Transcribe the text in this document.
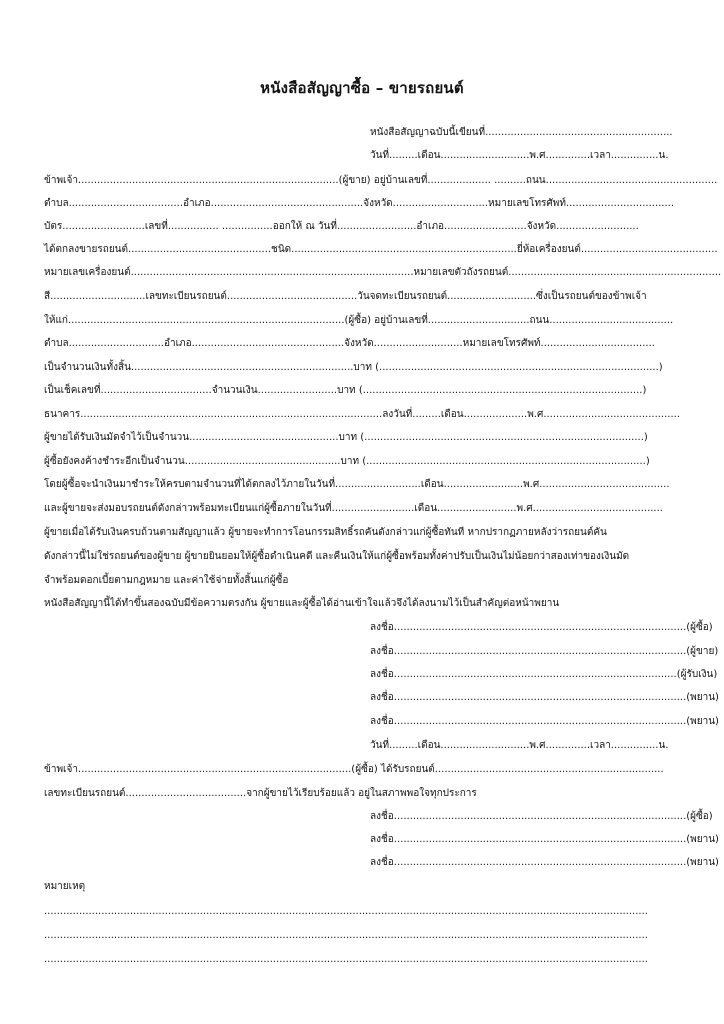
หนังสือสัญญาซื้อ – ขายรถยนต์
หนังสือสัญญาฉบับนี้เขียนที่...........................................................
วันที่.........เดือน............................พ.ศ..............เวลา...............น.
ข้าพเจ้า..................................................................................(ผู้ขาย) อยู่บ้านเลขที่.................... ..........ถนน......................................................
ตำบล....................................อำเภอ................................................จังหวัด..............................หมายเลขโทรศัพท์..................................
บัตร..........................เลขที่................ ................ออกให้ ณ วันที่.........................อำเภอ..........................จังหวัด..........................
ได้ตกลงขายรถยนต์.............................................ชนิด.......................................................................ยี่ห้อเครื่องยนต์...........................................
หมายเลขเครื่องยนต์.........................................................................................หมายเลขตัวถังรถยนต์...................................................................
สี..............................เลขทะเบียนรถยนต์.........................................วันจดทะเบียนรถยนต์............................ซึ่งเป็นรถยนต์ของข้าพเจ้า
ให้แก่.......................................................................................(ผู้ซื้อ) อยู่บ้านเลขที่................................ถนน.......................................
ตำบล..............................อำเภอ................................................จังหวัด............................หมายเลขโทรศัพท์....................................
เป็นจำนวนเงินทั้งสิ้น......................................................................บาท (........................................................................................)
เป็นเช็คเลขที่...................................จำนวนเงิน.........................บาท (........................................................................................)
ธนาคาร...............................................................................................ลงวันที่.........เดือน....................พ.ศ...........................................
ผู้ขายได้รับเงินมัดจำไว้เป็นจำนวน...............................................บาท (........................................................................................)
ผู้ซื้อยังคงค้างชำระอีกเป็นจำนวน.................................................บาท (........................................................................................)
โดยผู้ซื้อจะนำเงินมาชำระให้ครบตามจำนวนที่ได้ตกลงไว้ภายในวันที่...........................เดือน.........................พ.ศ.........................................
และผู้ขายจะส่งมอบรถยนต์ดังกล่าวพร้อมทะเบียนแก่ผู้ซื้อภายในวันที่..........................เดือน.........................พ.ศ.........................................
ผู้ขายเมื่อได้รับเงินครบถ้วนตามสัญญาแล้ว ผู้ขายจะทำการโอนกรรมสิทธิ์รถคันดังกล่าวแก่ผู้ซื้อทันที หากปรากฏภายหลังว่ารถยนต์คัน
ดังกล่าวนี้ไม่ใช่รถยนต์ของผู้ขาย ผู้ขายยินยอมให้ผู้ซื้อดำเนินคดี และคืนเงินให้แก่ผู้ซื้อพร้อมทั้งค่าปรับเป็นเงินไม่น้อยกว่าสองเท่าของเงินมัด
จำพร้อมดอกเบี้ยตามกฎหมาย และค่าใช้จ่ายทั้งสิ้นแก่ผู้ซื้อ
หนังสือสัญญานี้ได้ทำขึ้นสองฉบับมีข้อความตรงกัน ผู้ขายและผู้ซื้อได้อ่านเข้าใจแล้วจึงได้ลงนามไว้เป็นสำคัญต่อหน้าพยาน
ลงชื่อ............................................................................................(ผู้ซื้อ)
ลงชื่อ............................................................................................(ผู้ขาย)
ลงชื่อ.........................................................................................(ผู้รับเงิน)
ลงชื่อ............................................................................................(พยาน)
ลงชื่อ............................................................................................(พยาน)
วันที่.........เดือน............................พ.ศ..............เวลา...............น.
ข้าพเจ้า......................................................................................(ผู้ซื้อ) ได้รับรถยนต์........................................................................
เลขทะเบียนรถยนต์......................................จากผู้ขายไว้เรียบร้อยแล้ว อยู่ในสภาพพอใจทุกประการ
ลงชื่อ............................................................................................(ผู้ซื้อ)
ลงชื่อ............................................................................................(พยาน)
ลงชื่อ............................................................................................(พยาน)
หมายเหตุ
..............................................................................................................................................................................................
..............................................................................................................................................................................................
..............................................................................................................................................................................................
